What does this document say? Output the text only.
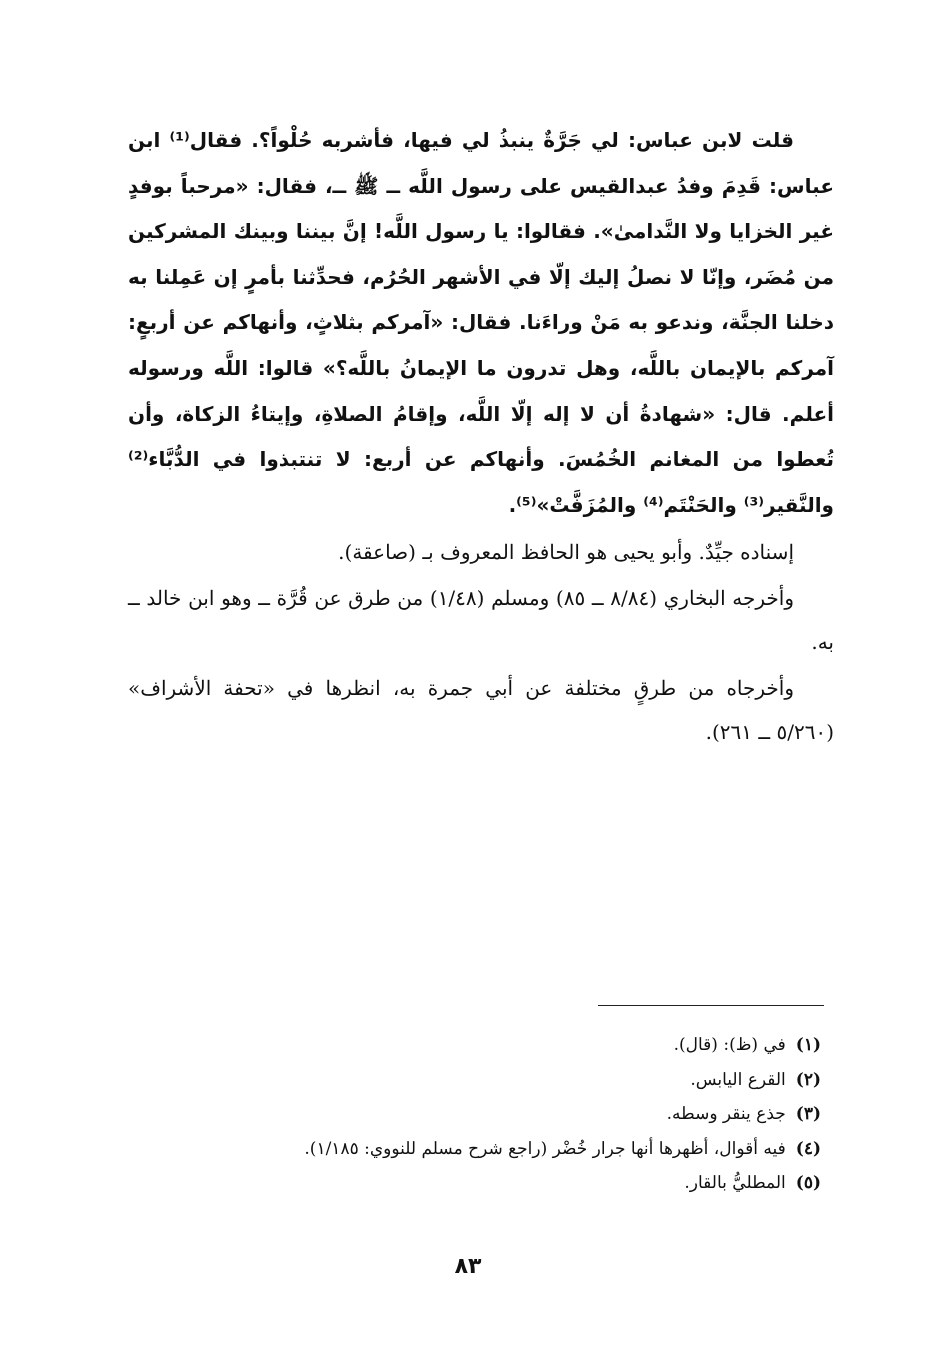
قلت لابن عباس: لي جَرَّةٌ ينبذُ لي فيها، فأشربه حُلْواً؟. فقال⁽¹⁾ ابن عباس: قَدِمَ وفدُ عبدالقيس على رسول اللَّه ــ ﷺ ــ، فقال: «مرحباً بوفدٍ غير الخزايا ولا النَّدامىٰ». فقالوا: يا رسول اللَّه! إنَّ بيننا وبينك المشركين من مُضَر، وإنّا لا نصلُ إليك إلّا في الأشهر الحُرُم، فحدِّثنا بأمرٍ إن عَمِلنا به دخلنا الجنَّة، وندعو به مَنْ وراءَنا. فقال: «آمركم بثلاثٍ، وأنهاكم عن أربعٍ: آمركم بالإيمان باللَّه، وهل تدرون ما الإيمانُ باللَّه؟» قالوا: اللَّه ورسوله أعلم. قال: «شهادةُ أن لا إله إلّا اللَّه، وإقامُ الصلاةِ، وإيتاءُ الزكاة، وأن تُعطوا من المغانم الخُمُسَ. وأنهاكم عن أربع: لا تنتبذوا في الدُّبَّاء⁽²⁾ والنَّقير⁽³⁾ والحَنْتَم⁽⁴⁾ والمُزَفَّتْ»⁽⁵⁾.

إسناده جيِّدٌ. وأبو يحيى هو الحافظ المعروف بـ (صاعقة).

وأخرجه البخاري (٨/٨٤ ــ ٨٥) ومسلم (١/٤٨) من طرق عن قُرَّة ــ وهو ابن خالد ــ به.

وأخرجاه من طرقٍ مختلفة عن أبي جمرة به، انظرها في «تحفة الأشراف» (٥/٢٦٠ ــ ٢٦١).

(١)في (ظ): (قال).

(٢)القرع اليابس.

(٣)جذع ينقر وسطه.

(٤)فيه أقوال، أظهرها أنها جرار خُضْر (راجع شرح مسلم للنووي: ١/١٨٥).

(٥)المطليُّ بالقار.

٨٣
